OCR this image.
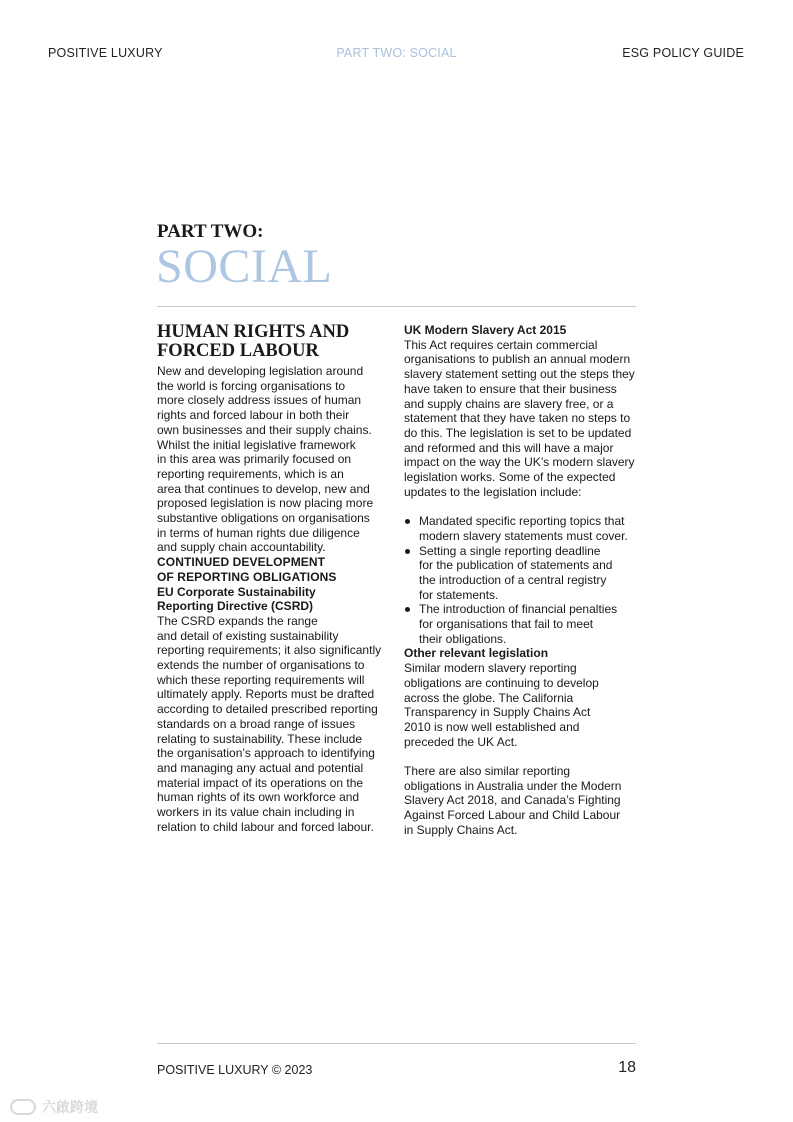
POSITIVE LUXURY	PART TWO: SOCIAL	ESG POLICY GUIDE
PART TWO:
SOCIAL
HUMAN RIGHTS AND
FORCED LABOUR

New and developing legislation around
the world is forcing organisations to
more closely address issues of human
rights and forced labour in both their
own businesses and their supply chains.
Whilst the initial legislative framework
in this area was primarily focused on
reporting requirements, which is an
area that continues to develop, new and
proposed legislation is now placing more
substantive obligations on organisations
in terms of human rights due diligence
and supply chain accountability.

CONTINUED DEVELOPMENT
OF REPORTING OBLIGATIONS

EU Corporate Sustainability
Reporting Directive (CSRD)

The CSRD expands the range
and detail of existing sustainability
reporting requirements; it also significantly
extends the number of organisations to
which these reporting requirements will
ultimately apply. Reports must be drafted
according to detailed prescribed reporting
standards on a broad range of issues
relating to sustainability. These include
the organisation’s approach to identifying
and managing any actual and potential
material impact of its operations on the
human rights of its own workforce and
workers in its value chain including in
relation to child labour and forced labour.

UK Modern Slavery Act 2015

This Act requires certain commercial
organisations to publish an annual modern
slavery statement setting out the steps they
have taken to ensure that their business
and supply chains are slavery free, or a
statement that they have taken no steps to
do this. The legislation is set to be updated
and reformed and this will have a major
impact on the way the UK’s modern slavery
legislation works. Some of the expected
updates to the legislation include:

Mandated specific reporting topics that
modern slavery statements must cover.
Setting a single reporting deadline
for the publication of statements and
the introduction of a central registry
for statements.
The introduction of financial penalties
for organisations that fail to meet
their obligations.

Other relevant legislation

Similar modern slavery reporting
obligations are continuing to develop
across the globe. The California
Transparency in Supply Chains Act
2010 is now well established and
preceded the UK Act.

There are also similar reporting
obligations in Australia under the Modern
Slavery Act 2018, and Canada’s Fighting
Against Forced Labour and Child Labour
in Supply Chains Act.

POSITIVE LUXURY © 2023	18
六啟跨境
